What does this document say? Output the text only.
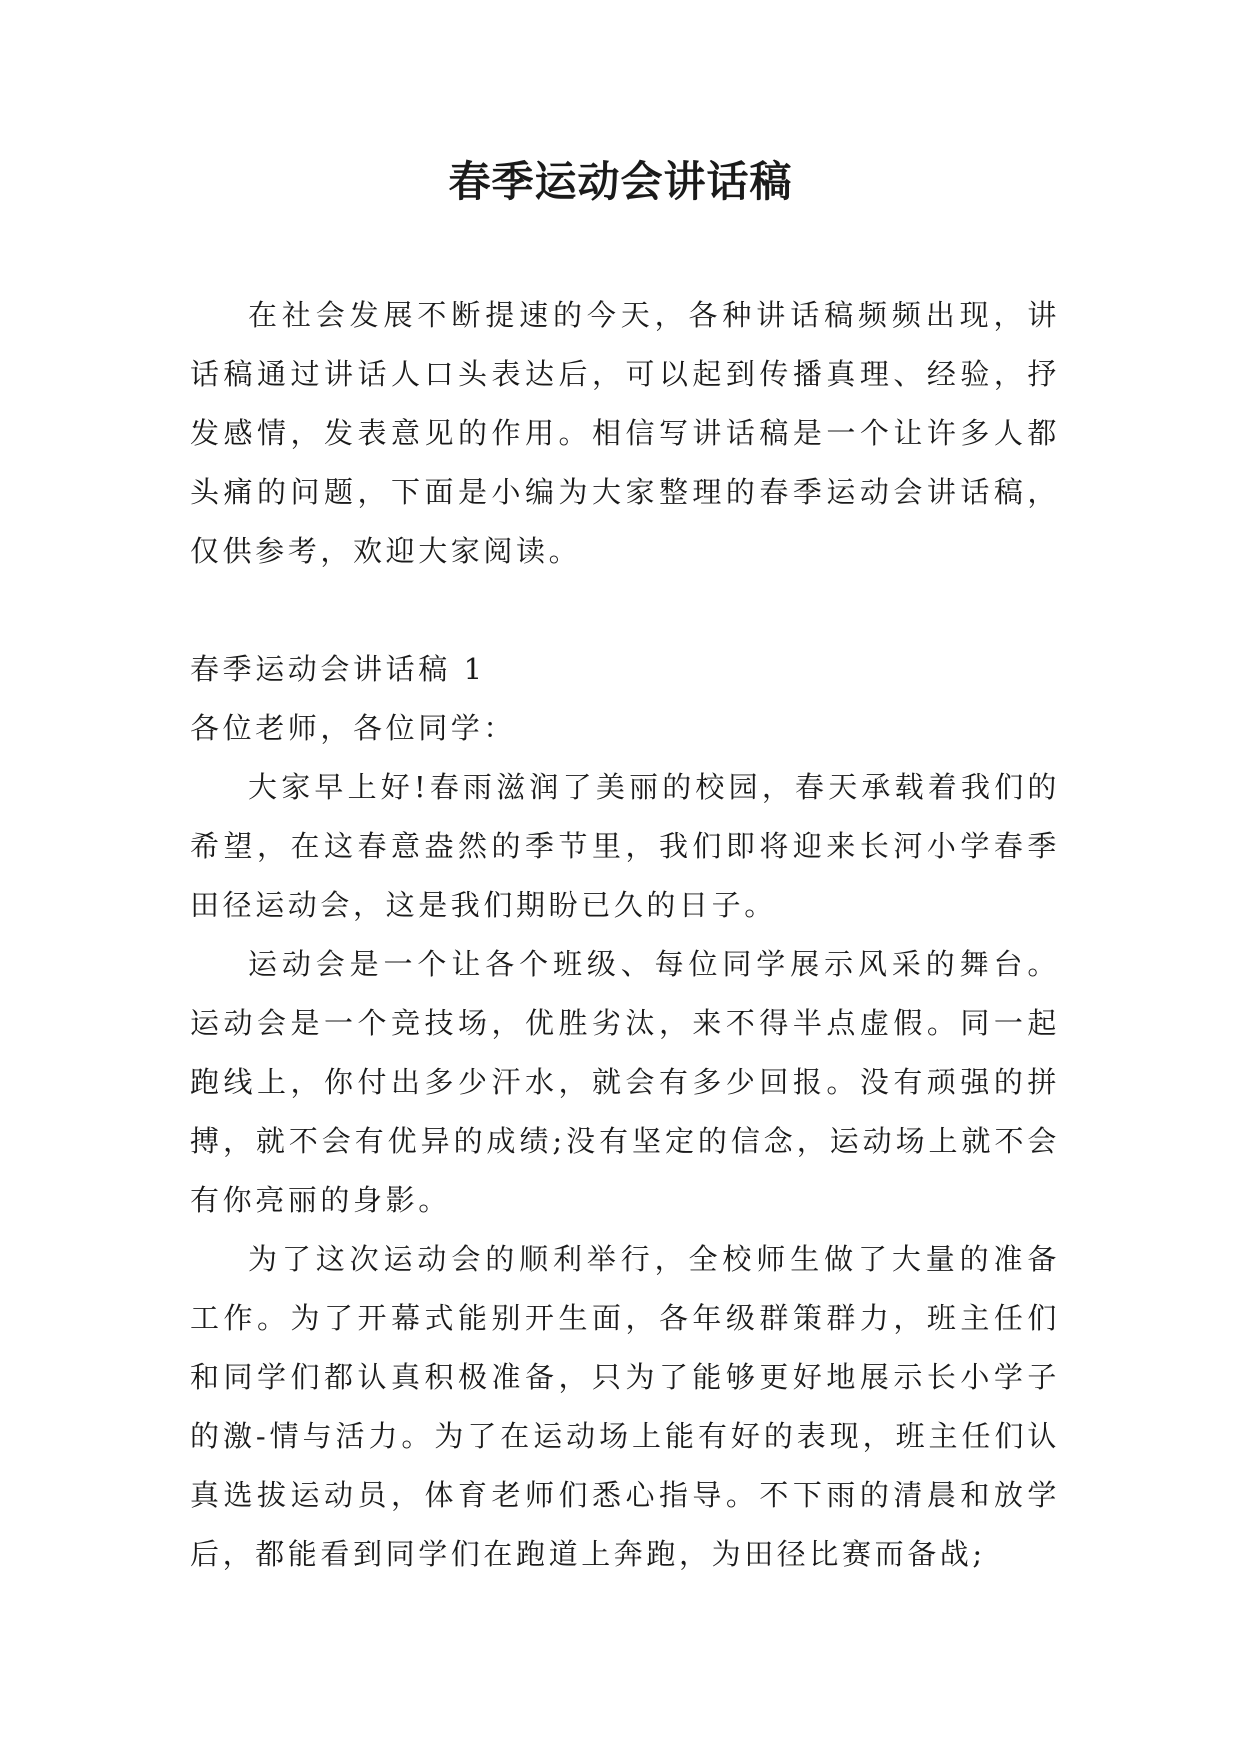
春季运动会讲话稿

在社会发展不断提速的今天，各种讲话稿频频出现，讲话稿通过讲话人口头表达后，可以起到传播真理、经验，抒发感情，发表意见的作用。相信写讲话稿是一个让许多人都头痛的问题，下面是小编为大家整理的春季运动会讲话稿，仅供参考，欢迎大家阅读。

春季运动会讲话稿 1

各位老师，各位同学：

大家早上好!春雨滋润了美丽的校园，春天承载着我们的希望，在这春意盎然的季节里，我们即将迎来长河小学春季田径运动会，这是我们期盼已久的日子。

运动会是一个让各个班级、每位同学展示风采的舞台。运动会是一个竞技场，优胜劣汰，来不得半点虚假。同一起跑线上，你付出多少汗水，就会有多少回报。没有顽强的拼搏，就不会有优异的成绩;没有坚定的信念，运动场上就不会有你亮丽的身影。

为了这次运动会的顺利举行，全校师生做了大量的准备工作。为了开幕式能别开生面，各年级群策群力，班主任们和同学们都认真积极准备，只为了能够更好地展示长小学子的激-情与活力。为了在运动场上能有好的表现，班主任们认真选拔运动员，体育老师们悉心指导。不下雨的清晨和放学后，都能看到同学们在跑道上奔跑，为田径比赛而备战;
